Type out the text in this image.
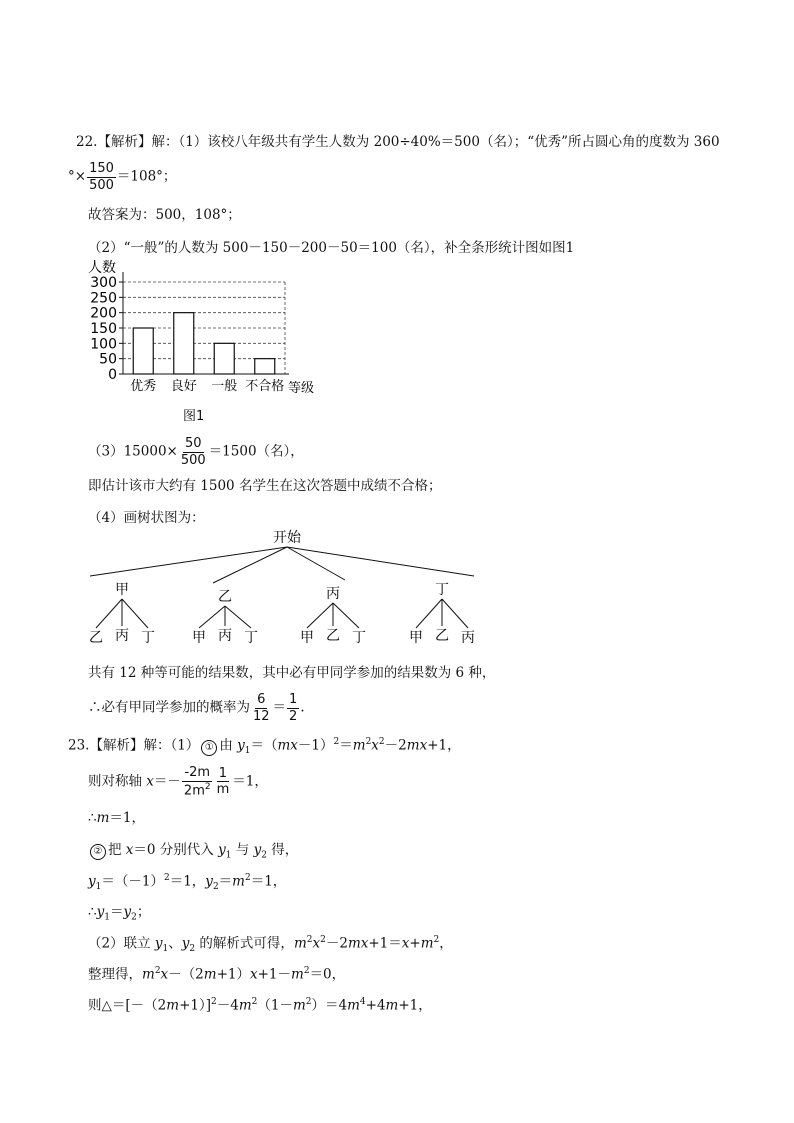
22.【解析】解：（1）该校八年级共有学生人数为 200÷40%＝500（名）；“优秀”所占圆心角的度数为 360
°× $\frac{150}{500} =108^\circ$；
故答案为：500，108°；
（2）“一般”的人数为 500－150－200－50＝100（名），补全条形统计图如图1
人数
0
50
100
150
200
250
300
优秀 良好 一般 不合格 等级
图1
$(3)15000\times \frac{50}{500} =1500$（名），
即估计该市大约有 1500 名学生在这次答题中成绩不合格；
（4）画树状图为：
开始
甲
乙 丙 丁
乙
甲 丙 丁
丙
甲 乙 丁
丁
甲 乙 丙
共有 12 种等可能的结果数，其中必有甲同学参加的结果数为 6 种，
∴必有甲同学参加的概率为 $\frac{6}{12} = \frac{1}{2}$ .
23.【解析】解：（1） ① 由 $y_1=(mx-1)^2=m^2x^2-2mx+1$，
则对称轴 $x=- \frac{-2m}{2m^2} \frac{1}{m} =1$，
∴m＝1，
② 把 x＝0 分别代入 $y_1$ 与 $y_2$ 得，
$y_1=(-1)^2=1$，$y_2=m^2=1$，
$\therefore y_1=y_2$；
（2）联立 $y_1$、$y_2$ 的解析式可得，$m^2x^2-2mx+1=x+m^2$，
整理得，$m^2x-(2m+1)x+1-m^2=0$，
则$\triangle=[-(2m+1)]^2-4m^2(1-m^2)=4m^4+4m+1$，
